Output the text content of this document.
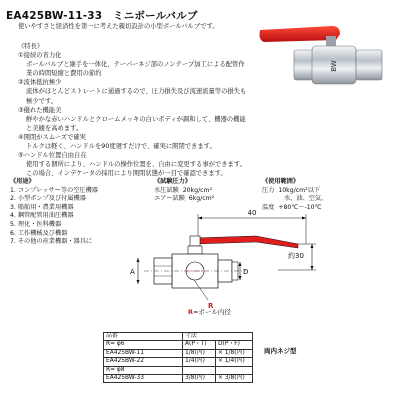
EA425BW-11-33　ミニボールバルブ
使いやすさと経済性を第一に考えた親切設計の小型ボールバルブです。
《特長》
①接続の省力化
ボールバルブと継手を一体化、テーパーネジ部のノンテープ加工による配管作業の時間短縮と費用の節約
②流体抵抗極少
流体がほとんどストレートに通過するので、圧力損失及び流速流量等の損失も極少です。
③優れた機能美
鮮やかな赤いハンドルとクロームメッキの白いボディが調和して、機器の機能と美観を高めます。
④開閉がスムーズで確実
トルクは軽く、ハンドルを90度廻すだけで、確実に開閉できます。
⑤ハンドル位置自由自在
使用する個所により、ハンドルの操作位置を、自由に変更する事ができます。この場合、インデケータの採用により開閉状態が一目で確認できます。
BW
《用途》
1. コンプレッサー等の空圧機器
2. 小型ポンプ及び付属機器
3. 船舶用・農業用機器
4. 鋼管配管用油圧機器
5. 理化・医科機器
6. 工作機械及び機器
7. その他の産業機器・器具に
《試験圧力》
水圧試験 20kg/cm²
エアー試験 6kg/cm²
《使用範囲》
圧力 10kg/cm²以下
水、油、空気、
温度 +80℃〜-10℃
40
約30
A	D
R
R=ボール内径
品番	寸法	
R= φ6	A(P・T)	D(P・F)
EA425BW-11	1/8(内)	× 1/8(内)
EA425BW-22	1/4(内)	× 1/4(内)
R= φ8		
EA425BW-33	3/8(内)	× 3/8(内)
両内ネジ型
